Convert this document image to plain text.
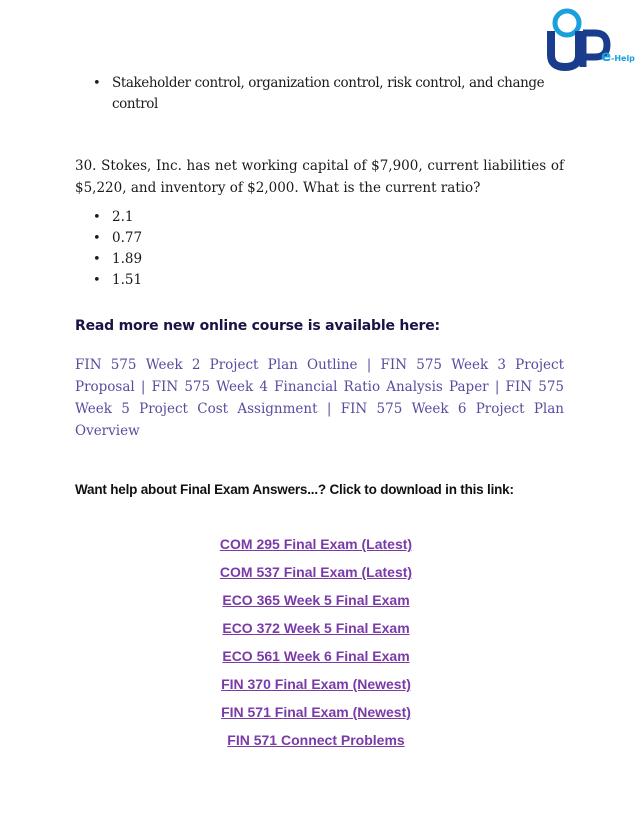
e -Help
• Stakeholder control, organization control, risk control, and change control
30. Stokes, Inc. has net working capital of $7,900, current liabilities of $5,220, and inventory of $2,000. What is the current ratio?
• 2.1
• 0.77
• 1.89
• 1.51
Read more new online course is available here:
FIN 575 Week 2 Project Plan Outline | FIN 575 Week 3 Project Proposal | FIN 575 Week 4 Financial Ratio Analysis Paper | FIN 575 Week 5 Project Cost Assignment | FIN 575 Week 6 Project Plan Overview
Want help about Final Exam Answers...? Click to download in this link:
COM 295 Final Exam (Latest)
COM 537 Final Exam (Latest)
ECO 365 Week 5 Final Exam
ECO 372 Week 5 Final Exam
ECO 561 Week 6 Final Exam
FIN 370 Final Exam (Newest)
FIN 571 Final Exam (Newest)
FIN 571 Connect Problems
